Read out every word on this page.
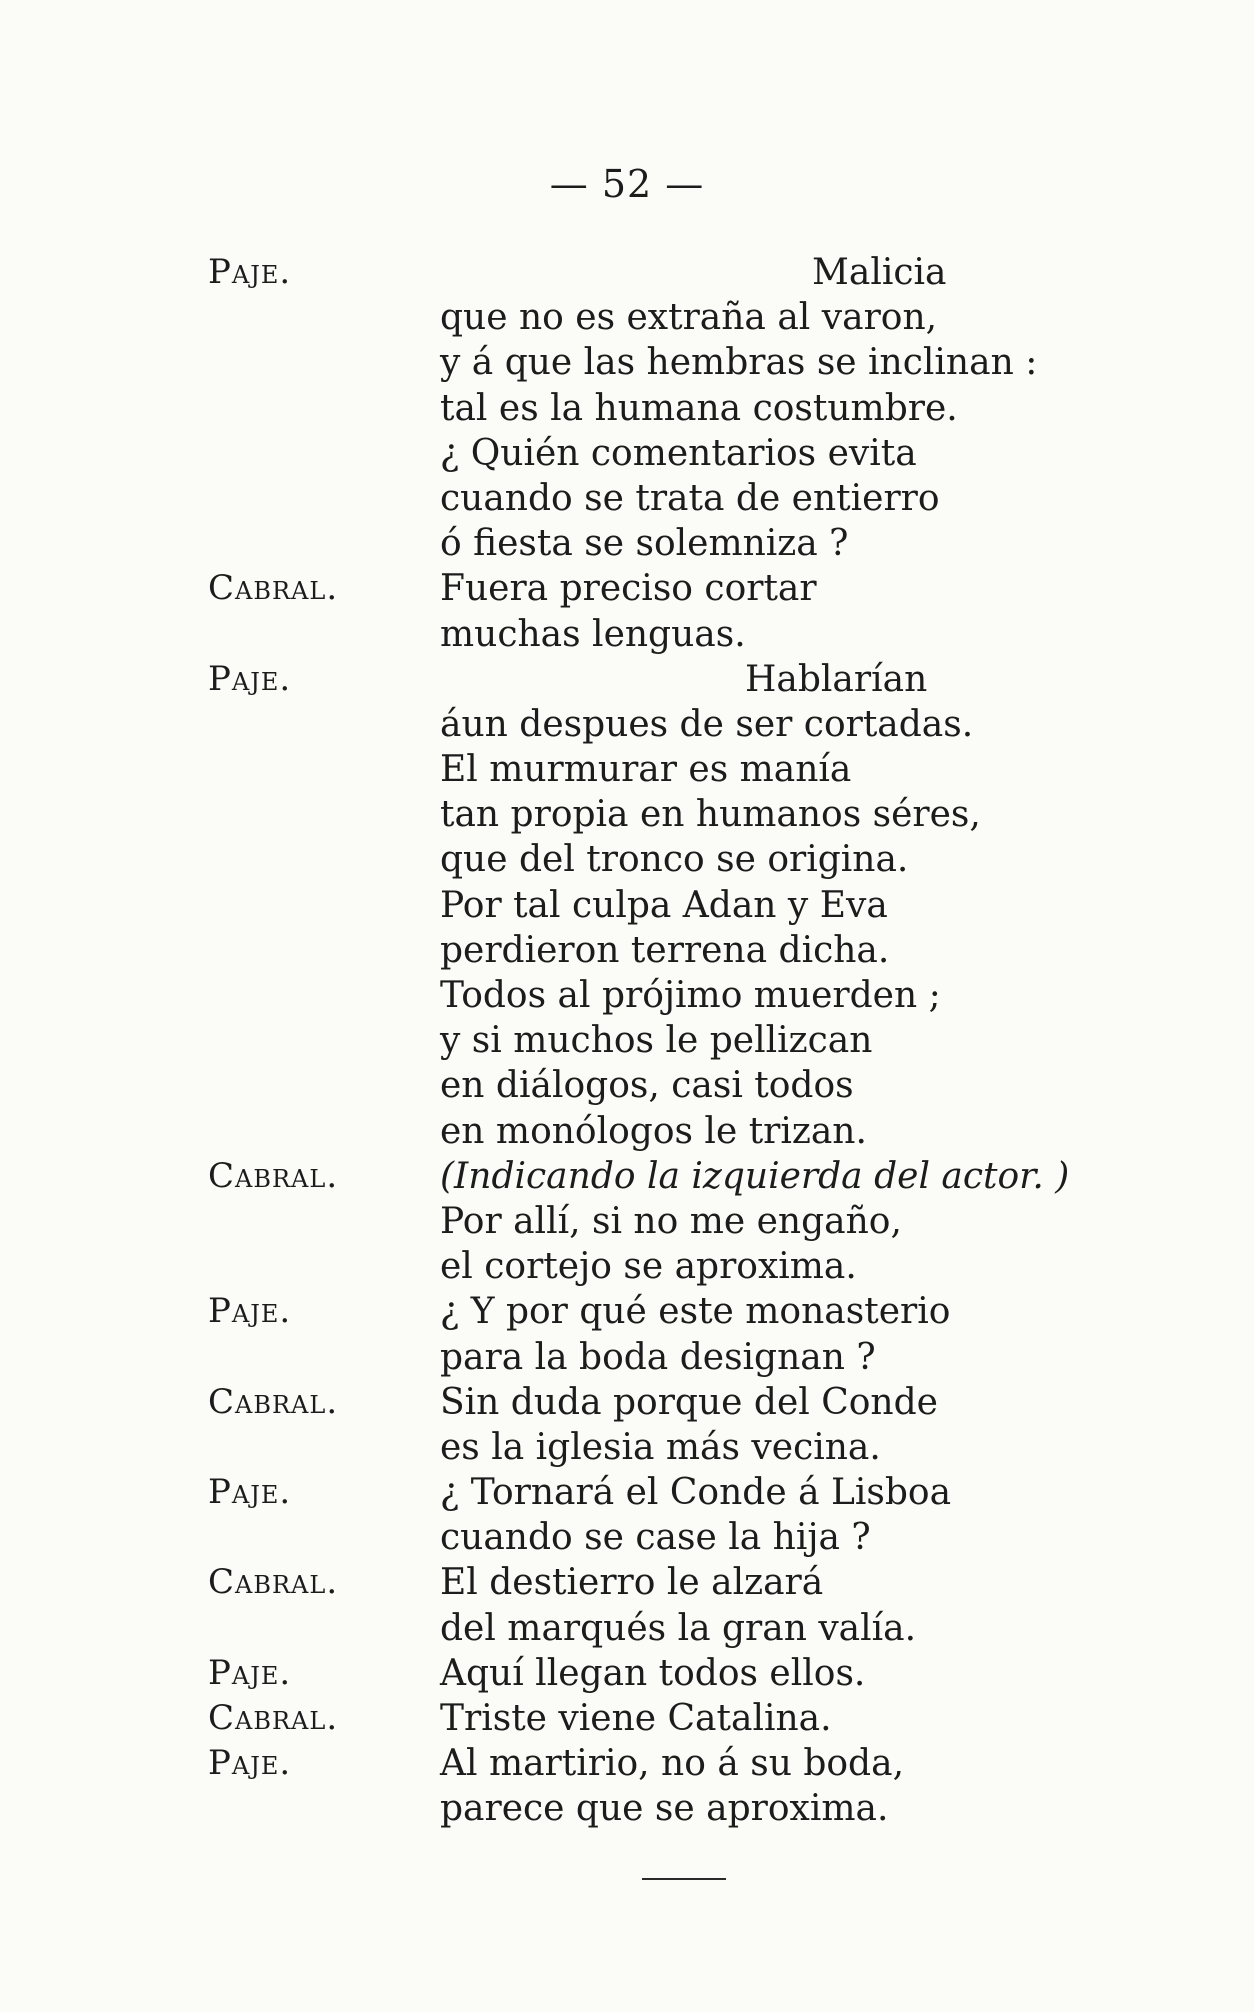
— 52 —
Paje.	Malicia
que no es extraña al varon,
y á que las hembras se inclinan :
tal es la humana costumbre.
¿ Quién comentarios evita
cuando se trata de entierro
ó fiesta se solemniza ?
Cabral.	Fuera preciso cortar
muchas lenguas.
Paje.	Hablarían
áun despues de ser cortadas.
El murmurar es manía
tan propia en humanos séres,
que del tronco se origina.
Por tal culpa Adan y Eva
perdieron terrena dicha.
Todos al prójimo muerden ;
y si muchos le pellizcan
en diálogos, casi todos
en monólogos le trizan.
Cabral.	(Indicando la izquierda del actor. )
Por allí, si no me engaño,
el cortejo se aproxima.
Paje.	¿ Y por qué este monasterio
para la boda designan ?
Cabral.	Sin duda porque del Conde
es la iglesia más vecina.
Paje.	¿ Tornará el Conde á Lisboa
cuando se case la hija ?
Cabral.	El destierro le alzará
del marqués la gran valía.
Paje.	Aquí llegan todos ellos.
Cabral.	Triste viene Catalina.
Paje.	Al martirio, no á su boda,
parece que se aproxima.
